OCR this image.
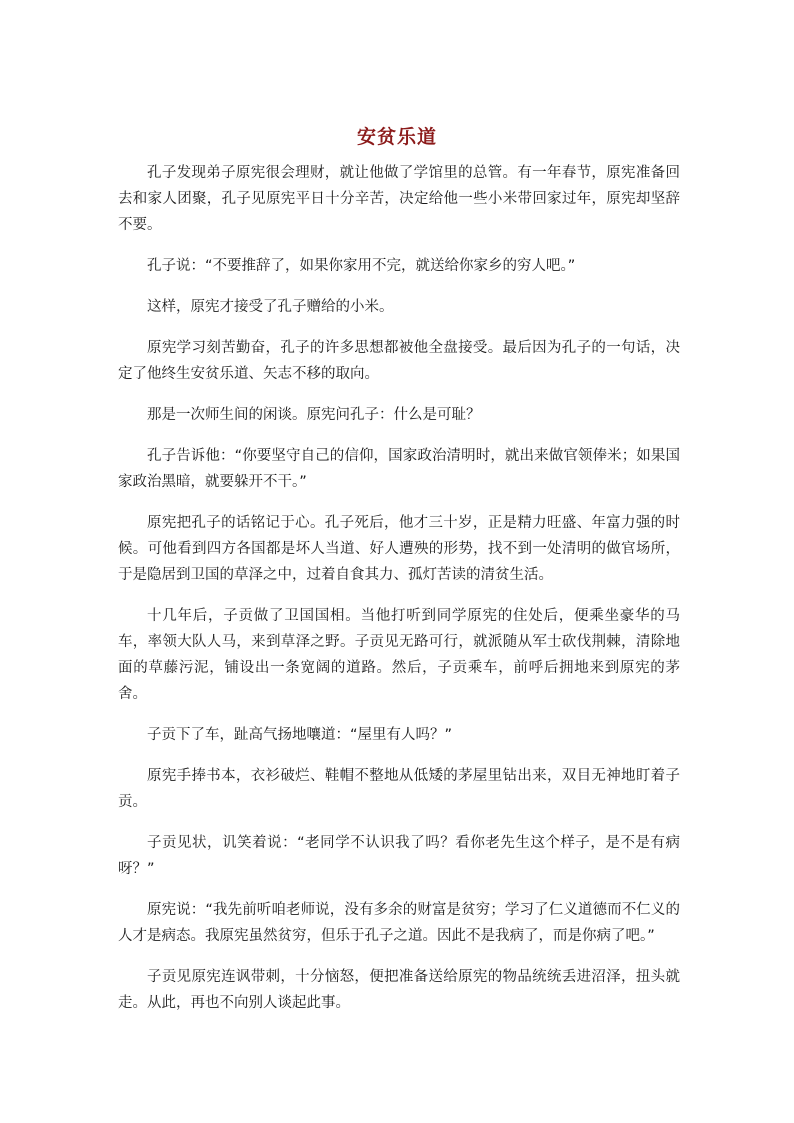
安贫乐道

孔子发现弟子原宪很会理财，就让他做了学馆里的总管。有一年春节，原宪准备回去和家人团聚，孔子见原宪平日十分辛苦，决定给他一些小米带回家过年，原宪却坚辞不要。

孔子说：“不要推辞了，如果你家用不完，就送给你家乡的穷人吧。”

这样，原宪才接受了孔子赠给的小米。

原宪学习刻苦勤奋，孔子的许多思想都被他全盘接受。最后因为孔子的一句话，决定了他终生安贫乐道、矢志不移的取向。

那是一次师生间的闲谈。原宪问孔子：什么是可耻？

孔子告诉他：“你要坚守自己的信仰，国家政治清明时，就出来做官领俸米；如果国家政治黑暗，就要躲开不干。”

原宪把孔子的话铭记于心。孔子死后，他才三十岁，正是精力旺盛、年富力强的时候。可他看到四方各国都是坏人当道、好人遭殃的形势，找不到一处清明的做官场所，于是隐居到卫国的草泽之中，过着自食其力、孤灯苦读的清贫生活。

十几年后，子贡做了卫国国相。当他打听到同学原宪的住处后，便乘坐豪华的马车，率领大队人马，来到草泽之野。子贡见无路可行，就派随从军士砍伐荆棘，清除地面的草藤污泥，铺设出一条宽阔的道路。然后，子贡乘车，前呼后拥地来到原宪的茅舍。

子贡下了车，趾高气扬地嚷道：“屋里有人吗？”

原宪手捧书本，衣衫破烂、鞋帽不整地从低矮的茅屋里钻出来，双目无神地盯着子贡。

子贡见状，讥笑着说：“老同学不认识我了吗？看你老先生这个样子，是不是有病呀？”

原宪说：“我先前听咱老师说，没有多余的财富是贫穷；学习了仁义道德而不仁义的人才是病态。我原宪虽然贫穷，但乐于孔子之道。因此不是我病了，而是你病了吧。”

子贡见原宪连讽带刺，十分恼怒，便把准备送给原宪的物品统统丢进沼泽，扭头就走。从此，再也不向别人谈起此事。
